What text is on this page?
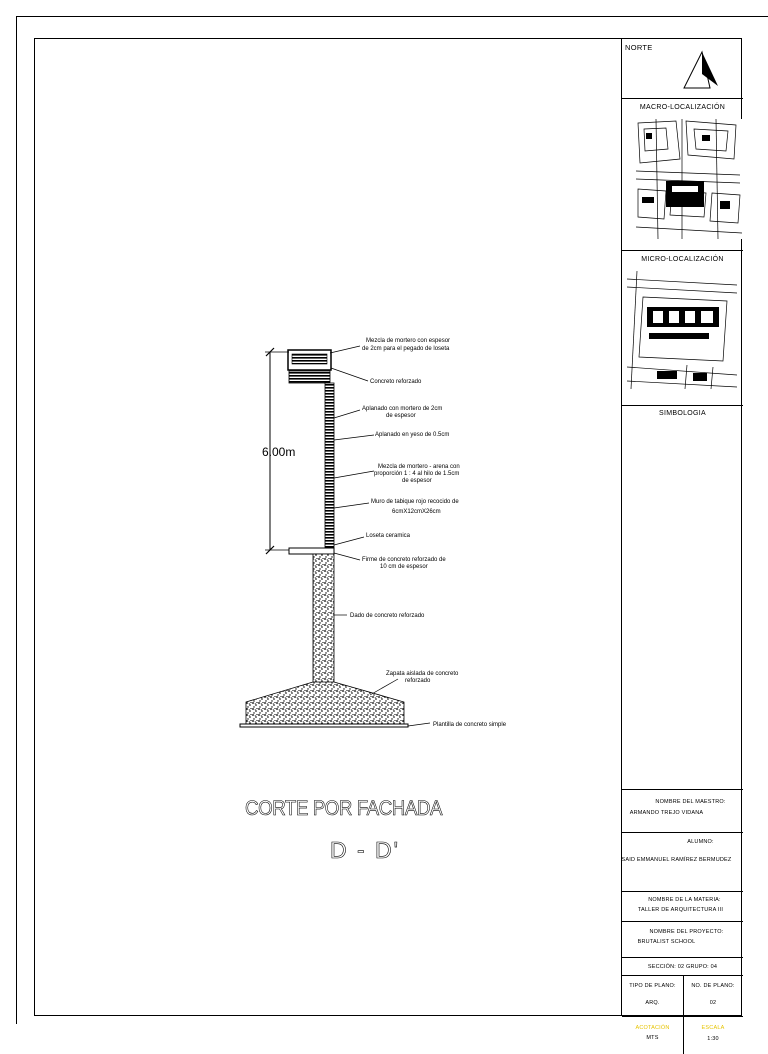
6.00m
Mezcla de mortero con espesor
de 2cm para el pegado de loseta
Concreto reforzado
Aplanado con mortero de 2cm
de espesor
Aplanado en yeso de 0.5cm
Mezcla de mortero - arena con
proporción 1 : 4 al hilo de 1.5cm
de espesor
Muro de tabique rojo recocido de
6cmX12cmX26cm
Loseta ceramica
Firme de concreto reforzado de
10 cm de espesor
Dado de concreto reforzado
Zapata aislada de concreto
reforzado
Plantilla de concreto simple
CORTE POR FACHADA
D - D'
NORTE
MACRO-LOCALIZACIÓN
MICRO-LOCALIZACIÓN
SIMBOLOGIA
NOMBRE DEL MAESTRO:
ARMANDO TREJO VIDANA
ALUMNO:
SAID EMMANUEL RAMÍREZ BERMUDEZ
NOMBRE DE LA MATERIA:
TALLER DE ARQUITECTURA III
NOMBRE DEL PROYECTO:
BRUTALIST SCHOOL
SECCIÓN: 02 GRUPO: 04
TIPO DE PLANO:
ARQ.
NO. DE PLANO:
02
ACOTACIÓN
MTS
ESCALA
1:30
